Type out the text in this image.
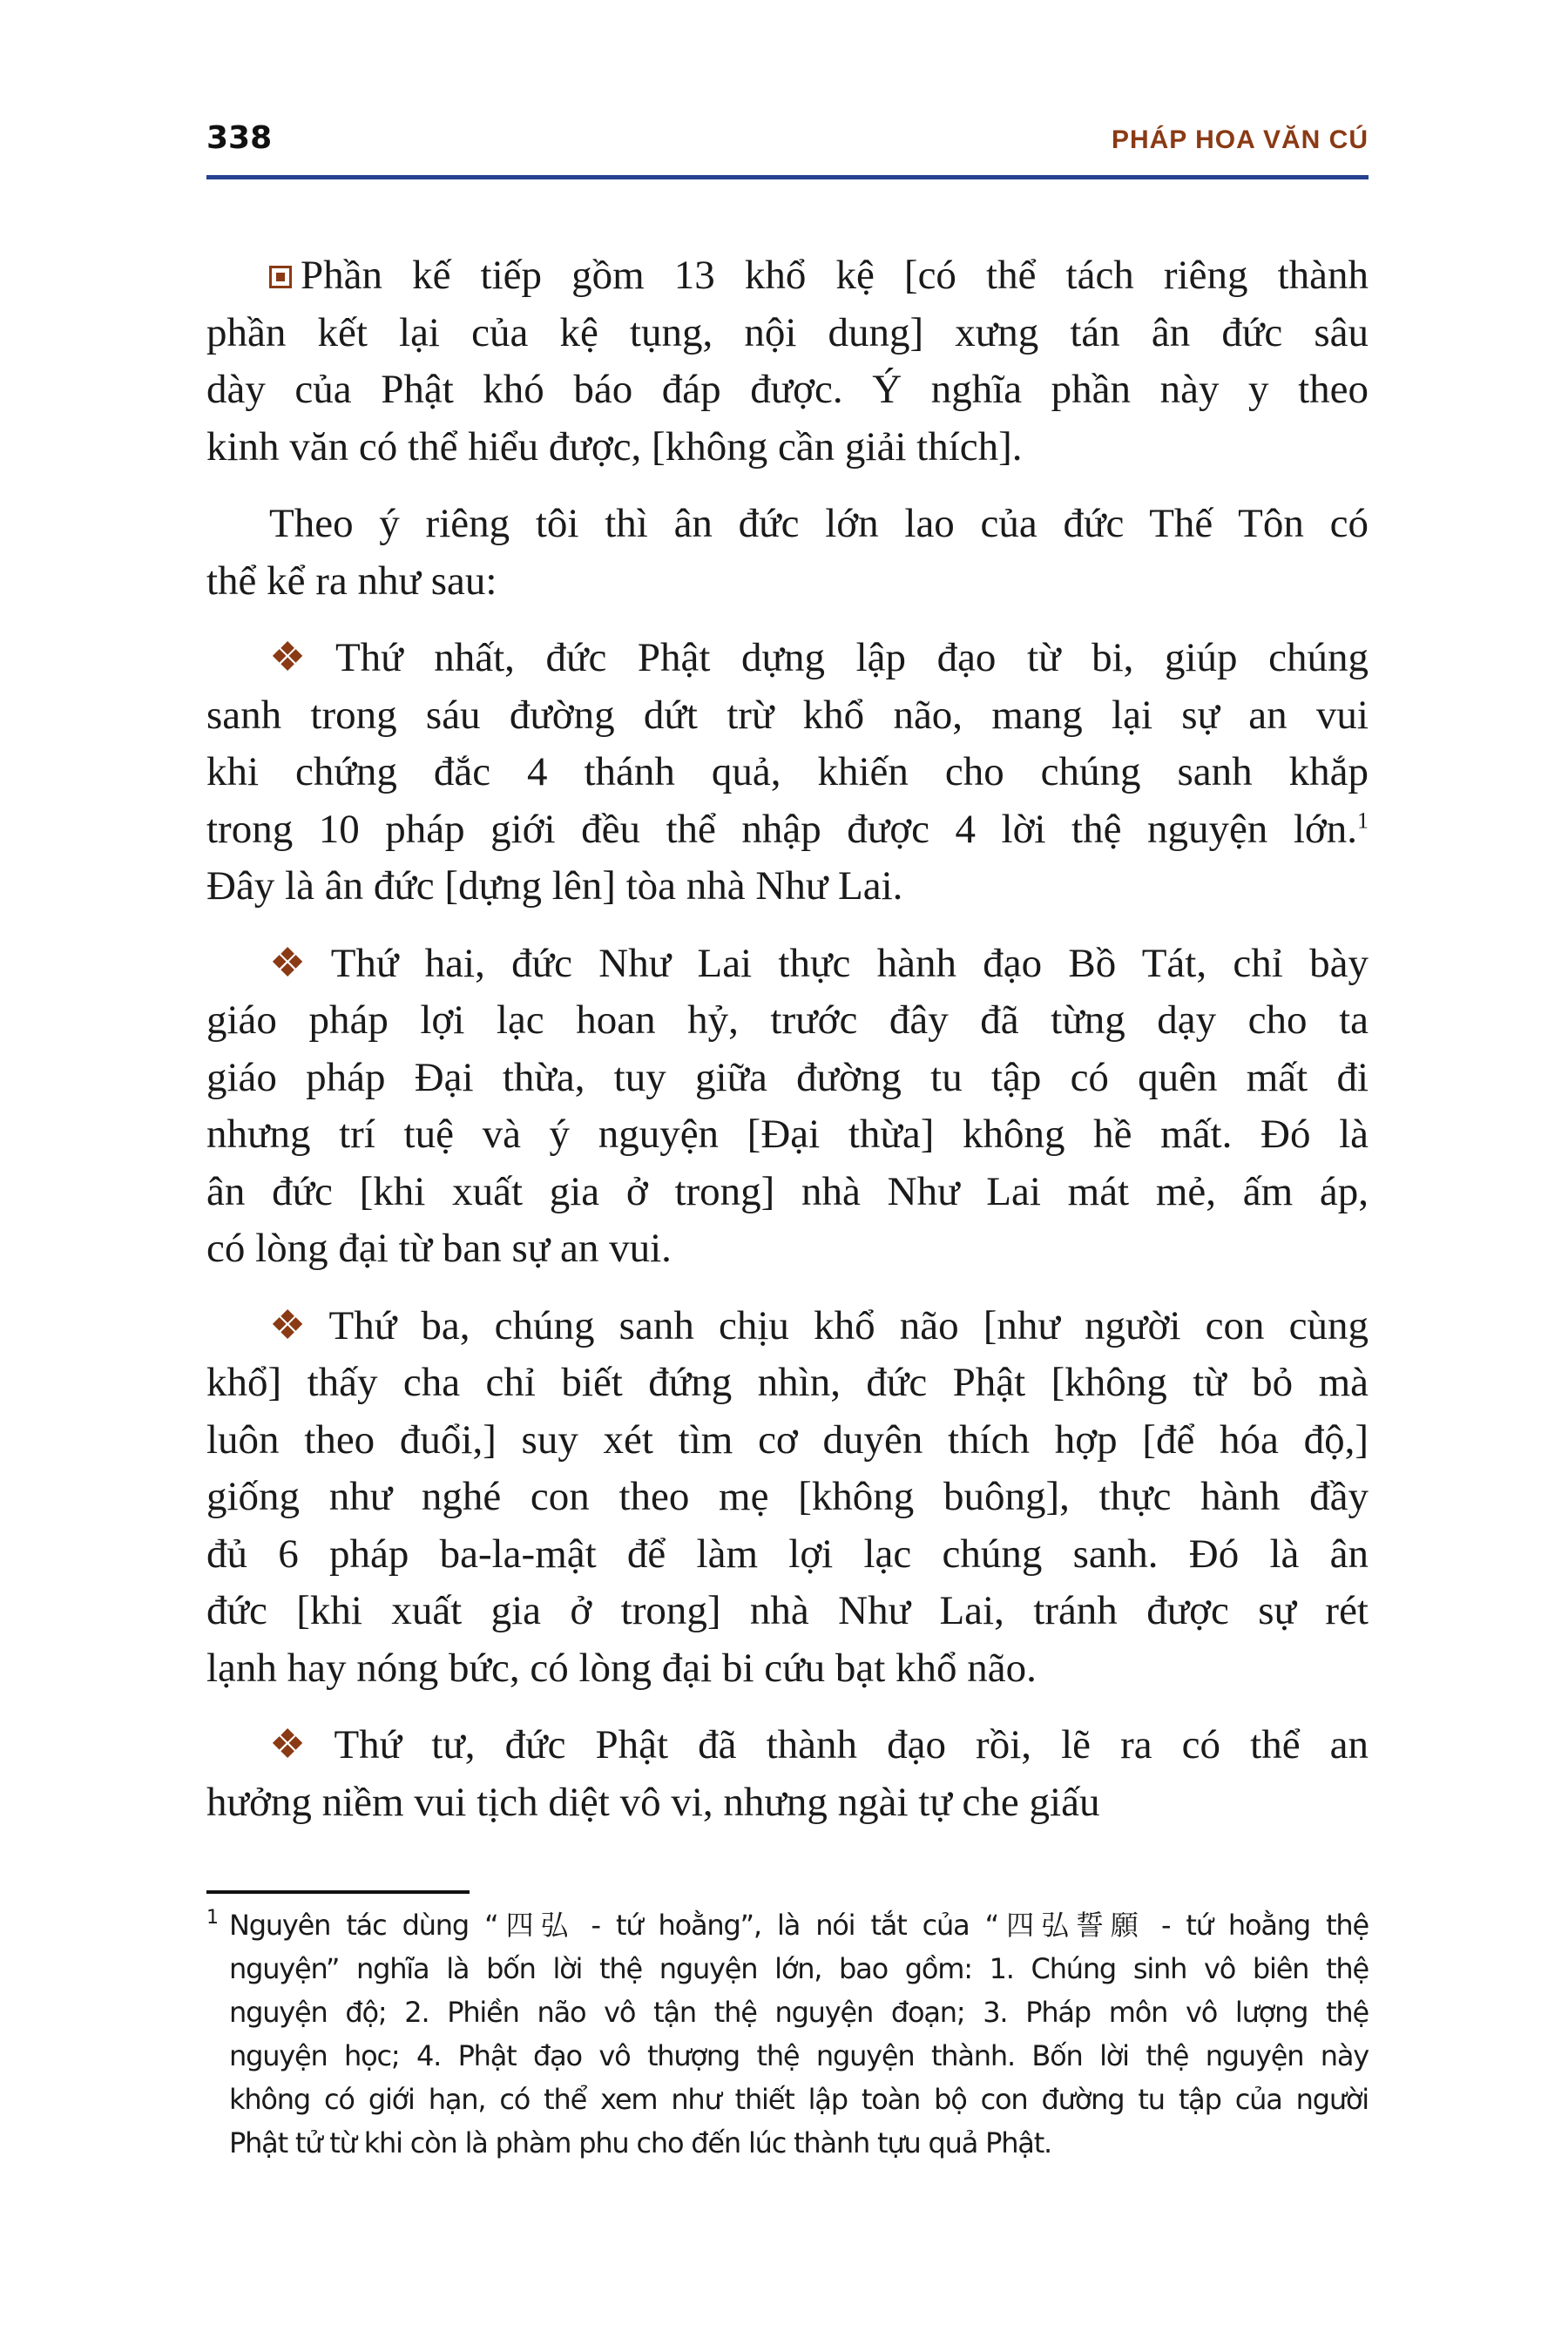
338	PHÁP HOA VĂN CÚ
Phần kế tiếp gồm 13 khổ kệ [có thể tách riêng thành
phần kết lại của kệ tụng, nội dung] xưng tán ân đức sâu
dày của Phật khó báo đáp được. Ý nghĩa phần này y theo
kinh văn có thể hiểu được, [không cần giải thích].
Theo ý riêng tôi thì ân đức lớn lao của đức Thế Tôn có
thể kể ra như sau:
❖ Thứ nhất, đức Phật dựng lập đạo từ bi, giúp chúng
sanh trong sáu đường dứt trừ khổ não, mang lại sự an vui
khi chứng đắc 4 thánh quả, khiến cho chúng sanh khắp
trong 10 pháp giới đều thể nhập được 4 lời thệ nguyện lớn.$^1$
Đây là ân đức [dựng lên] tòa nhà Như Lai.
❖ Thứ hai, đức Như Lai thực hành đạo Bồ Tát, chỉ bày
giáo pháp lợi lạc hoan hỷ, trước đây đã từng dạy cho ta
giáo pháp Đại thừa, tuy giữa đường tu tập có quên mất đi
nhưng trí tuệ và ý nguyện [Đại thừa] không hề mất. Đó là
ân đức [khi xuất gia ở trong] nhà Như Lai mát mẻ, ấm áp,
có lòng đại từ ban sự an vui.
❖ Thứ ba, chúng sanh chịu khổ não [như người con cùng
khổ] thấy cha chỉ biết đứng nhìn, đức Phật [không từ bỏ mà
luôn theo đuổi,] suy xét tìm cơ duyên thích hợp [để hóa độ,]
giống như nghé con theo mẹ [không buông], thực hành đầy
đủ 6 pháp ba-la-mật để làm lợi lạc chúng sanh. Đó là ân
đức [khi xuất gia ở trong] nhà Như Lai, tránh được sự rét
lạnh hay nóng bức, có lòng đại bi cứu bạt khổ não.
❖ Thứ tư, đức Phật đã thành đạo rồi, lẽ ra có thể an
hưởng niềm vui tịch diệt vô vi, nhưng ngài tự che giấu
1 Nguyên tác dùng “四弘 - tứ hoằng”, là nói tắt của “四弘誓願 - tứ hoằng thệ
nguyện” nghĩa là bốn lời thệ nguyện lớn, bao gồm: 1. Chúng sinh vô biên thệ
nguyện độ; 2. Phiền não vô tận thệ nguyện đoạn; 3. Pháp môn vô lượng thệ
nguyện học; 4. Phật đạo vô thượng thệ nguyện thành. Bốn lời thệ nguyện này
không có giới hạn, có thể xem như thiết lập toàn bộ con đường tu tập của người
Phật tử từ khi còn là phàm phu cho đến lúc thành tựu quả Phật.
